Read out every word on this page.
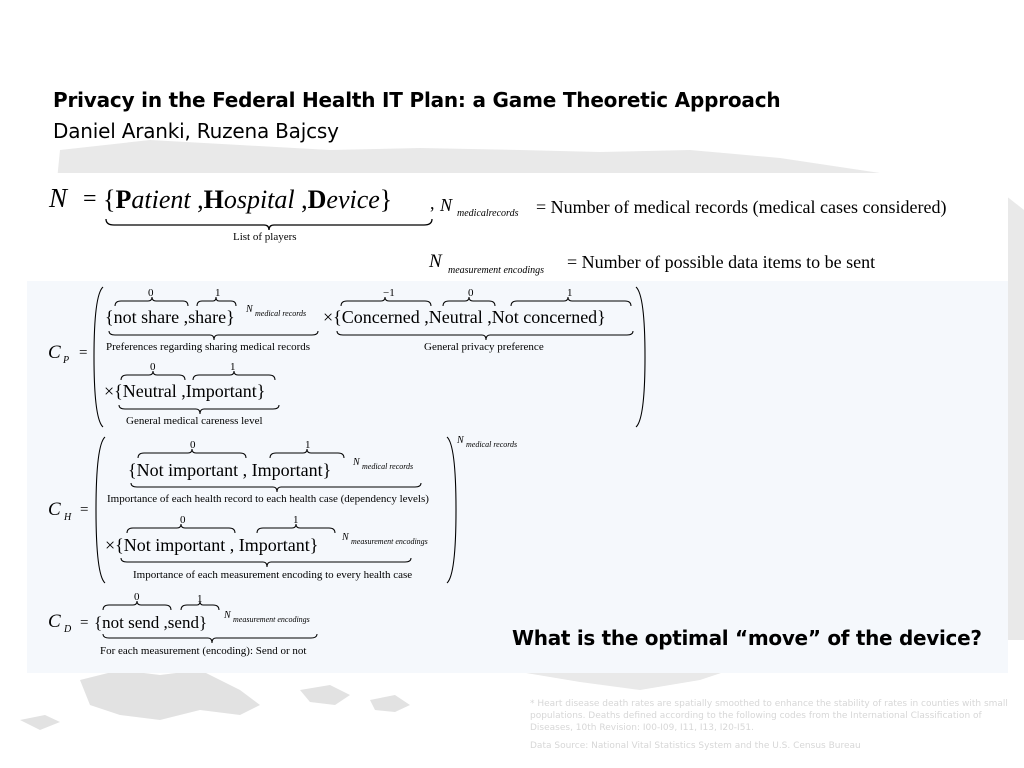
Privacy in the Federal Health IT Plan: a Game Theoretic Approach
Daniel Aranki, Ruzena Bajcsy
N = {Patient ,Hospital ,Device}
List of players
, N medicalrecords = Number of medical records (medical cases considered)
N measurement encodings = Number of possible data items to be sent
C P =
0	1
{not share ,share} N medical records
Preferences regarding sharing medical records
−1	0	1
×{Concerned ,Neutral ,Not concerned}
General privacy preference
0	1
×{Neutral ,Important}
General medical careness level
C H =
N medical records
0	1
{Not important , Important} N medical records
Importance of each health record to each health case (dependency levels)
0	1
×{Not important , Important} N measurement encodings
Importance of each measurement encoding to every health case
C D =
0	1
{not send ,send} N measurement encodings
For each measurement (encoding): Send or not
What is the optimal “move” of the device?
* Heart disease death rates are spatially smoothed to enhance the stability of rates in counties with small populations. Deaths defined according to the following codes from the International Classification of Diseases, 10th Revision: I00-I09, I11, I13, I20-I51.
Data Source: National Vital Statistics System and the U.S. Census Bureau
